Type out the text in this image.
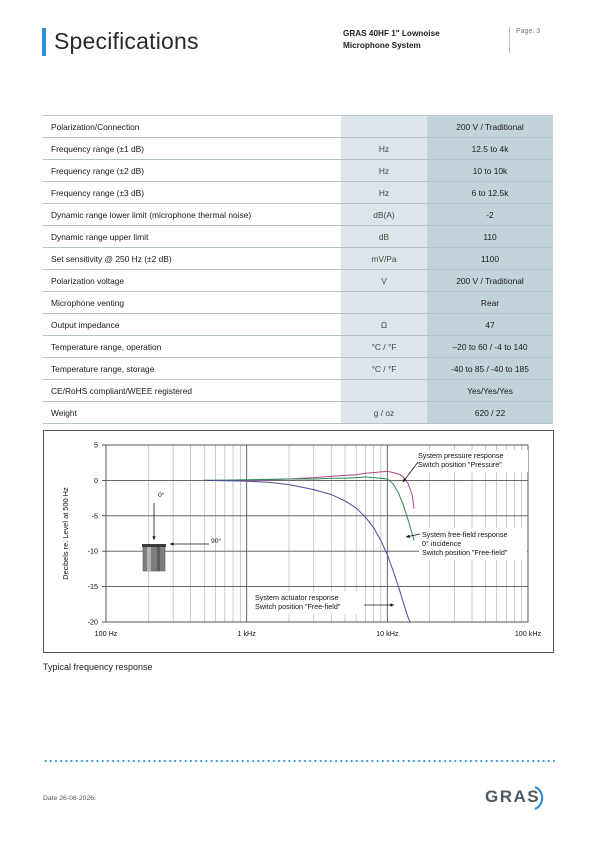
Specifications	GRAS 40HF 1" Lownoise
Microphone System
Page: 3
Polarization/Connection		200 V / Traditional
Frequency range (±1 dB)	Hz	12.5 to 4k
Frequency range (±2 dB)	Hz	10 to 10k
Frequency range (±3 dB)	Hz	6 to 12.5k
Dynamic range lower limit (microphone thermal noise)	dB(A)	-2
Dynamic range upper limit	dB	110
Set sensitivity @ 250 Hz (±2 dB)	mV/Pa	1100
Polarization voltage	V	200 V / Traditional
Microphone venting		Rear
Output impedance	Ω	47
Temperature range, operation	°C / °F	–20 to 60 / -4 to 140
Temperature range, storage	°C / °F	-40 to 85 / -40 to 185
CE/RoHS compliant/WEEE registered		Yes/Yes/Yes
Weight	g / oz	620 / 22
100 Hz	1 kHz	10 kHz	100 kHz
5
0
-5
-10
-15
-20
Decibels re. Level at 500 Hz
System pressure response
Switch position "Pressure"
System free-field response
0° incidence
Switch position "Free-field"
System actuator response
Switch position "Free-field"
0°
90°
Typical frequency response
Date 26-08-2026.	GRAS
